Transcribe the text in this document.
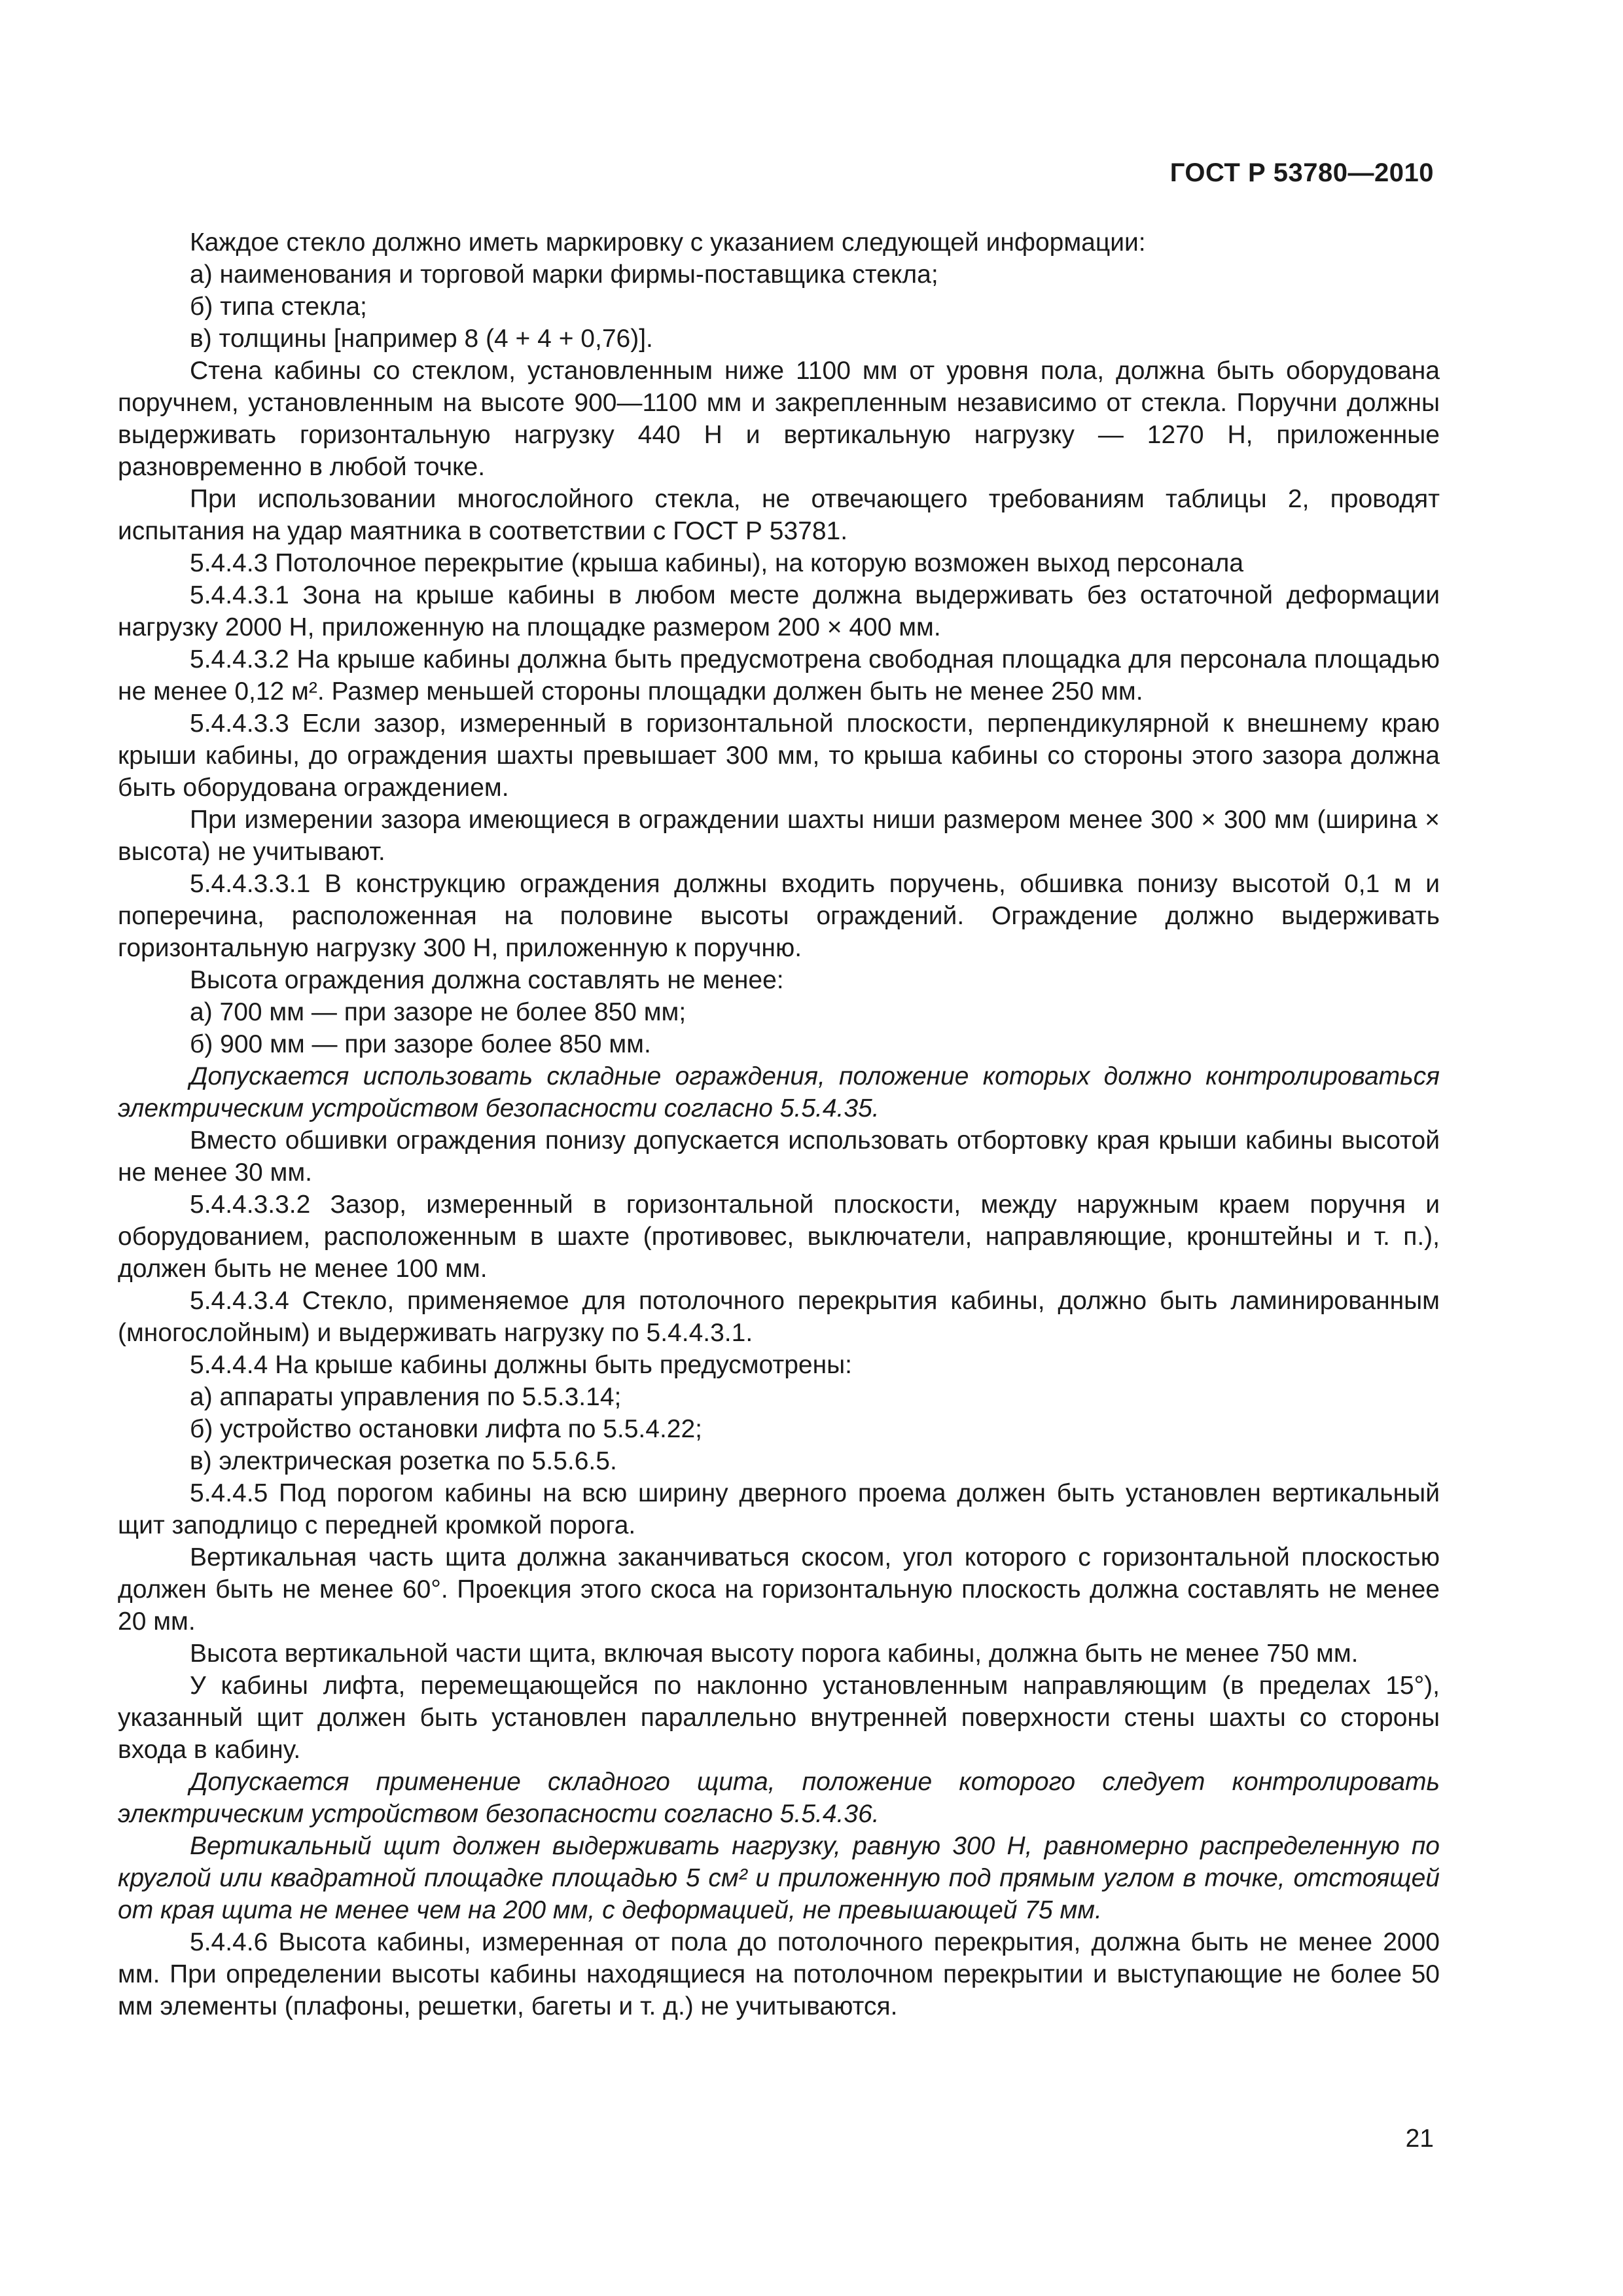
ГОСТ Р 53780—2010

Каждое стекло должно иметь маркировку с указанием следующей информации:

а) наименования и торговой марки фирмы-поставщика стекла;

б) типа стекла;

в) толщины [например 8 (4 + 4 + 0,76)].

Стена кабины со стеклом, установленным ниже 1100 мм от уровня пола, должна быть оборудована поручнем, установленным на высоте 900—1100 мм и закрепленным независимо от стекла. Поручни должны выдерживать горизонтальную нагрузку 440 Н и вертикальную нагрузку — 1270 Н, приложенные разновременно в любой точке.

При использовании многослойного стекла, не отвечающего требованиям таблицы 2, проводят испытания на удар маятника в соответствии с ГОСТ Р 53781.

5.4.4.3 Потолочное перекрытие (крыша кабины), на которую возможен выход персонала

5.4.4.3.1 Зона на крыше кабины в любом месте должна выдерживать без остаточной деформации нагрузку 2000 Н, приложенную на площадке размером 200 × 400 мм.

5.4.4.3.2 На крыше кабины должна быть предусмотрена свободная площадка для персонала площадью не менее 0,12 м². Размер меньшей стороны площадки должен быть не менее 250 мм.

5.4.4.3.3 Если зазор, измеренный в горизонтальной плоскости, перпендикулярной к внешнему краю крыши кабины, до ограждения шахты превышает 300 мм, то крыша кабины со стороны этого зазора должна быть оборудована ограждением.

При измерении зазора имеющиеся в ограждении шахты ниши размером менее 300 × 300 мм (ширина × высота) не учитывают.

5.4.4.3.3.1 В конструкцию ограждения должны входить поручень, обшивка понизу высотой 0,1 м и поперечина, расположенная на половине высоты ограждений. Ограждение должно выдерживать горизонтальную нагрузку 300 Н, приложенную к поручню.

Высота ограждения должна составлять не менее:

а) 700 мм — при зазоре не более 850 мм;

б) 900 мм — при зазоре более 850 мм.

Допускается использовать складные ограждения, положение которых должно контролироваться электрическим устройством безопасности согласно 5.5.4.35.

Вместо обшивки ограждения понизу допускается использовать отбортовку края крыши кабины высотой не менее 30 мм.

5.4.4.3.3.2 Зазор, измеренный в горизонтальной плоскости, между наружным краем поручня и оборудованием, расположенным в шахте (противовес, выключатели, направляющие, кронштейны и т. п.), должен быть не менее 100 мм.

5.4.4.3.4 Стекло, применяемое для потолочного перекрытия кабины, должно быть ламинированным (многослойным) и выдерживать нагрузку по 5.4.4.3.1.

5.4.4.4 На крыше кабины должны быть предусмотрены:

а) аппараты управления по 5.5.3.14;

б) устройство остановки лифта по 5.5.4.22;

в) электрическая розетка по 5.5.6.5.

5.4.4.5 Под порогом кабины на всю ширину дверного проема должен быть установлен вертикальный щит заподлицо с передней кромкой порога.

Вертикальная часть щита должна заканчиваться скосом, угол которого с горизонтальной плоскостью должен быть не менее 60°. Проекция этого скоса на горизонтальную плоскость должна составлять не менее 20 мм.

Высота вертикальной части щита, включая высоту порога кабины, должна быть не менее 750 мм.

У кабины лифта, перемещающейся по наклонно установленным направляющим (в пределах 15°), указанный щит должен быть установлен параллельно внутренней поверхности стены шахты со стороны входа в кабину.

Допускается применение складного щита, положение которого следует контролировать электрическим устройством безопасности согласно 5.5.4.36.

Вертикальный щит должен выдерживать нагрузку, равную 300 Н, равномерно распределенную по круглой или квадратной площадке площадью 5 см² и приложенную под прямым углом в точке, отстоящей от края щита не менее чем на 200 мм, с деформацией, не превышающей 75 мм.

5.4.4.6 Высота кабины, измеренная от пола до потолочного перекрытия, должна быть не менее 2000 мм. При определении высоты кабины находящиеся на потолочном перекрытии и выступающие не более 50 мм элементы (плафоны, решетки, багеты и т. д.) не учитываются.

21
